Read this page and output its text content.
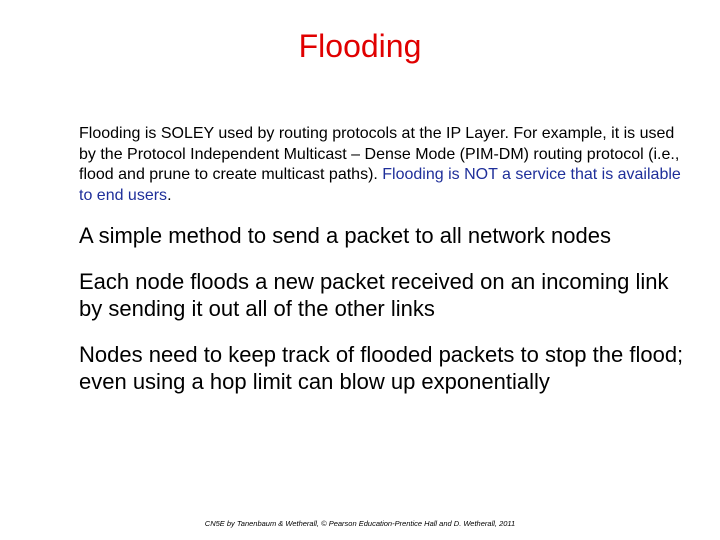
Flooding

Flooding is SOLEY used by routing protocols at the IP Layer. For example, it is used by the Protocol Independent Multicast – Dense Mode (PIM-DM) routing protocol (i.e., flood and prune to create multicast paths). Flooding is NOT a service that is available to end users.

A simple method to send a packet to all network nodes

Each node floods a new packet received on an incoming link by sending it out all of the other links

Nodes need to keep track of flooded packets to stop the flood; even using a hop limit can blow up exponentially

CN5E by Tanenbaum & Wetherall, © Pearson Education-Prentice Hall and D. Wetherall, 2011
